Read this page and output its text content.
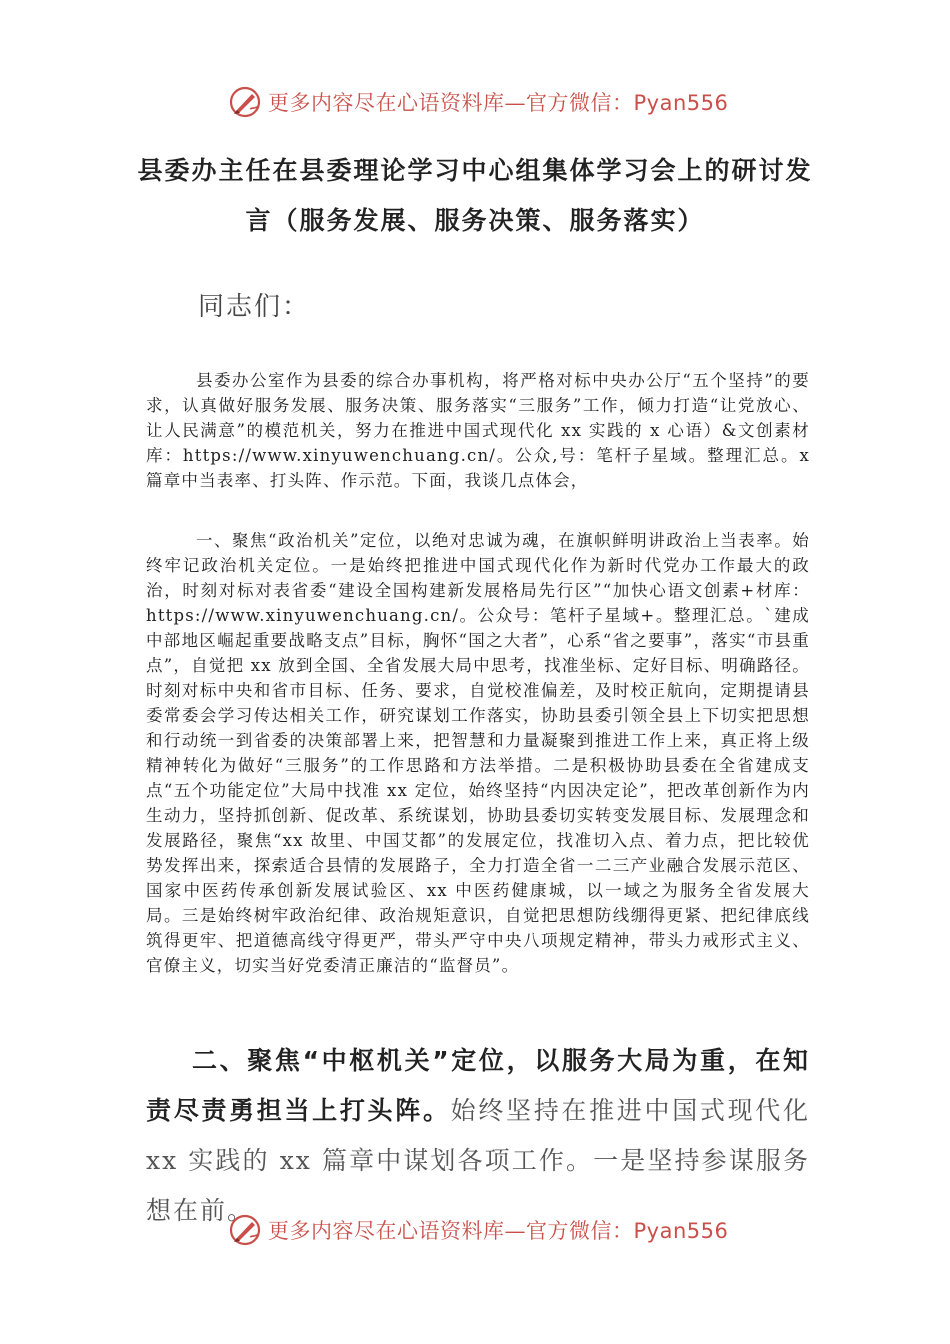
更多内容尽在心语资料库—官方微信：Pyan556
县委办主任在县委理论学习中心组集体学习会上的研讨发
言（服务发展、服务决策、服务落实）
同志们：

县委办公室作为县委的综合办事机构，将严格对标中央办公厅“五个坚持”的要求，认真做好服务发展、服务决策、服务落实“三服务”工作，倾力打造“让党放心、让人民满意”的模范机关，努力在推进中国式现代化 xx 实践的 x 心语）&文创素材库：https://www.xinyuwenchuang.cn/。公众,号：笔杆子星域。整理汇总。x 篇章中当表率、打头阵、作示范。下面，我谈几点体会，

一、聚焦“政治机关”定位，以绝对忠诚为魂，在旗帜鲜明讲政治上当表率。始终牢记政治机关定位。一是始终把推进中国式现代化作为新时代党办工作最大的政治，时刻对标对表省委“建设全国构建新发展格局先行区”“加快心语文创素+材库：https://www.xinyuwenchuang.cn/。公众号：笔杆子星域+。整理汇总。`建成中部地区崛起重要战略支点”目标，胸怀“国之大者”，心系“省之要事”，落实“市县重点”，自觉把 xx 放到全国、全省发展大局中思考，找准坐标、定好目标、明确路径。时刻对标中央和省市目标、任务、要求，自觉校准偏差，及时校正航向，定期提请县委常委会学习传达相关工作，研究谋划工作落实，协助县委引领全县上下切实把思想和行动统一到省委的决策部署上来，把智慧和力量凝聚到推进工作上来，真正将上级精神转化为做好“三服务”的工作思路和方法举措。二是积极协助县委在全省建成支点“五个功能定位”大局中找准 xx 定位，始终坚持“内因决定论”，把改革创新作为内生动力，坚持抓创新、促改革、系统谋划，协助县委切实转变发展目标、发展理念和发展路径，聚焦“xx 故里、中国艾都”的发展定位，找准切入点、着力点，把比较优势发挥出来，探索适合县情的发展路子，全力打造全省一二三产业融合发展示范区、国家中医药传承创新发展试验区、xx 中医药健康城，以一域之为服务全省发展大局。三是始终树牢政治纪律、政治规矩意识，自觉把思想防线绷得更紧、把纪律底线筑得更牢、把道德高线守得更严，带头严守中央八项规定精神，带头力戒形式主义、官僚主义，切实当好党委清正廉洁的“监督员”。

二、聚焦“中枢机关”定位，以服务大局为重，在知责尽责勇担当上打头阵。始终坚持在推进中国式现代化 xx 实践的 xx 篇章中谋划各项工作。一是坚持参谋服务想在前。

更多内容尽在心语资料库—官方微信：Pyan556
